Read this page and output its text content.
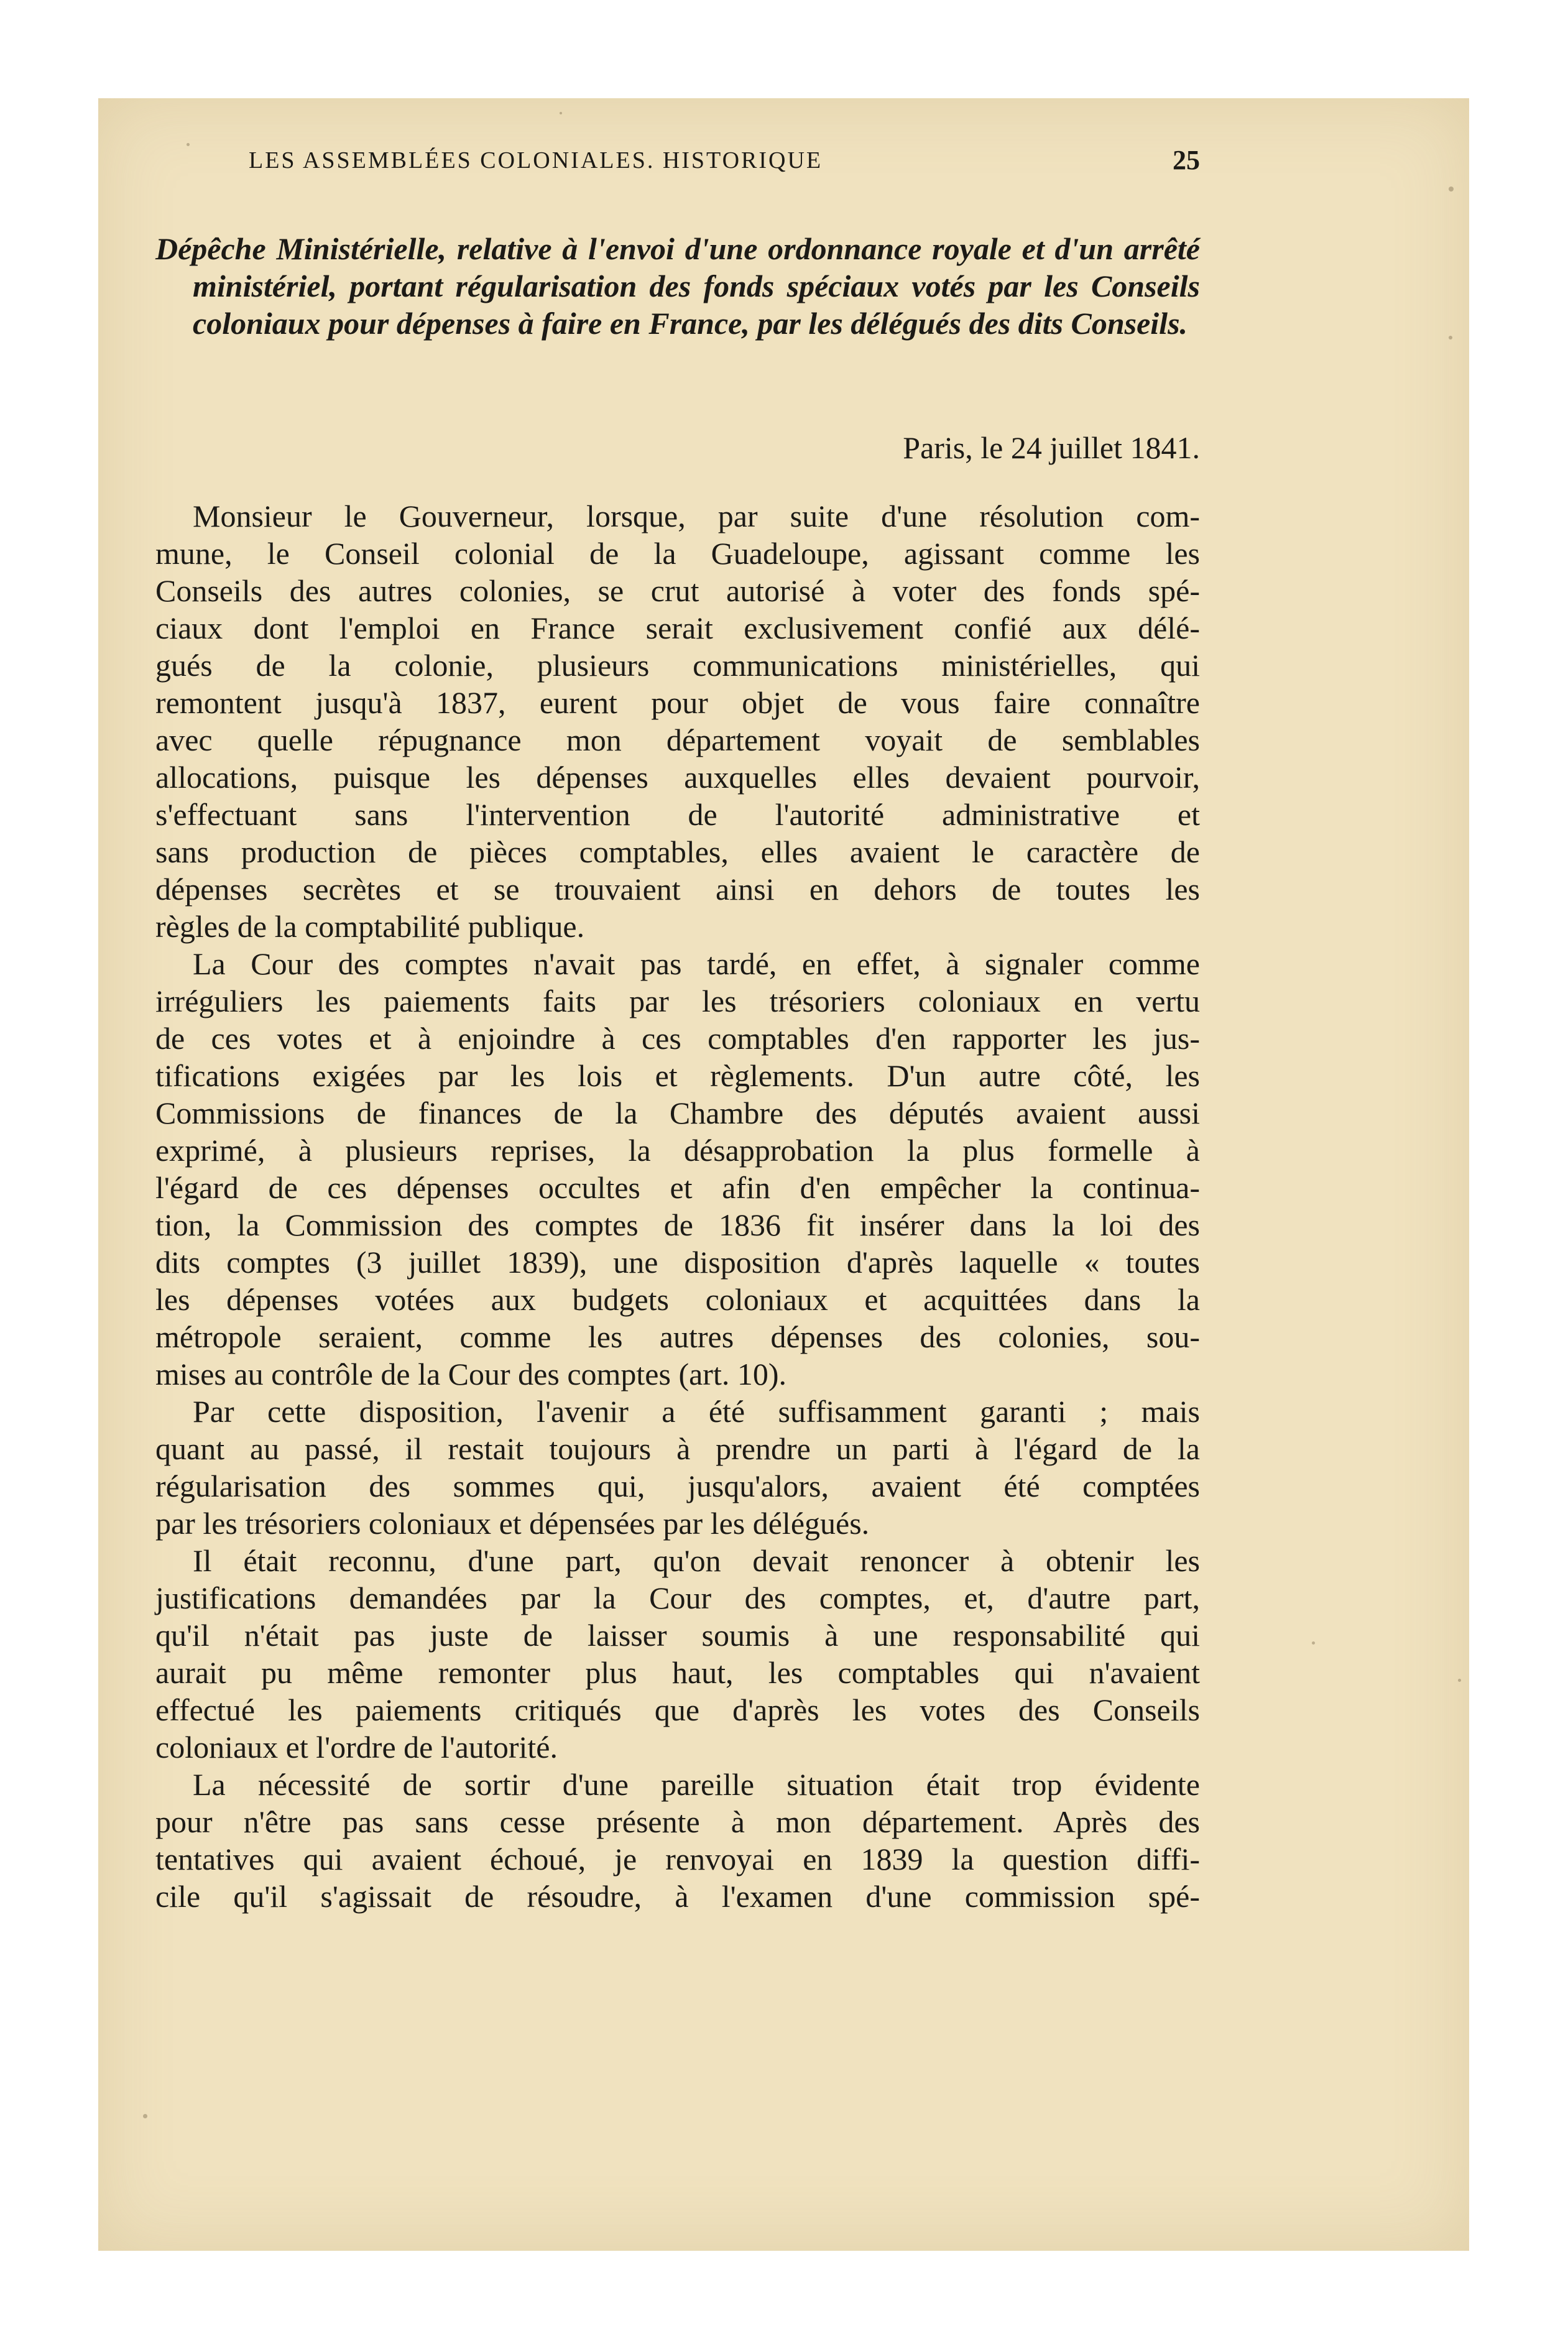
LES ASSEMBLÉES COLONIALES. HISTORIQUE	25
Dépêche Ministérielle, relative à l'envoi d'une ordonnance royale et d'un arrêté ministériel, portant régularisation des fonds spéciaux votés par les Conseils coloniaux pour dépenses à faire en France, par les délégués des dits Conseils.
Paris, le 24 juillet 1841.
Monsieur le Gouverneur, lorsque, par suite d'une résolution com-
mune, le Conseil colonial de la Guadeloupe, agissant comme les
Conseils des autres colonies, se crut autorisé à voter des fonds spé-
ciaux dont l'emploi en France serait exclusivement confié aux délé-
gués de la colonie, plusieurs communications ministérielles, qui
remontent jusqu'à 1837, eurent pour objet de vous faire connaître
avec quelle répugnance mon département voyait de semblables
allocations, puisque les dépenses auxquelles elles devaient pourvoir,
s'effectuant sans l'intervention de l'autorité administrative et
sans production de pièces comptables, elles avaient le caractère de
dépenses secrètes et se trouvaient ainsi en dehors de toutes les
règles de la comptabilité publique.
La Cour des comptes n'avait pas tardé, en effet, à signaler comme
irréguliers les paiements faits par les trésoriers coloniaux en vertu
de ces votes et à enjoindre à ces comptables d'en rapporter les jus-
tifications exigées par les lois et règlements. D'un autre côté, les
Commissions de finances de la Chambre des députés avaient aussi
exprimé, à plusieurs reprises, la désapprobation la plus formelle à
l'égard de ces dépenses occultes et afin d'en empêcher la continua-
tion, la Commission des comptes de 1836 fit insérer dans la loi des
dits comptes (3 juillet 1839), une disposition d'après laquelle « toutes
les dépenses votées aux budgets coloniaux et acquittées dans la
métropole seraient, comme les autres dépenses des colonies, sou-
mises au contrôle de la Cour des comptes (art. 10).
Par cette disposition, l'avenir a été suffisamment garanti ; mais
quant au passé, il restait toujours à prendre un parti à l'égard de la
régularisation des sommes qui, jusqu'alors, avaient été comptées
par les trésoriers coloniaux et dépensées par les délégués.
Il était reconnu, d'une part, qu'on devait renoncer à obtenir les
justifications demandées par la Cour des comptes, et, d'autre part,
qu'il n'était pas juste de laisser soumis à une responsabilité qui
aurait pu même remonter plus haut, les comptables qui n'avaient
effectué les paiements critiqués que d'après les votes des Conseils
coloniaux et l'ordre de l'autorité.
La nécessité de sortir d'une pareille situation était trop évidente
pour n'être pas sans cesse présente à mon département. Après des
tentatives qui avaient échoué, je renvoyai en 1839 la question diffi-
cile qu'il s'agissait de résoudre, à l'examen d'une commission spé-
